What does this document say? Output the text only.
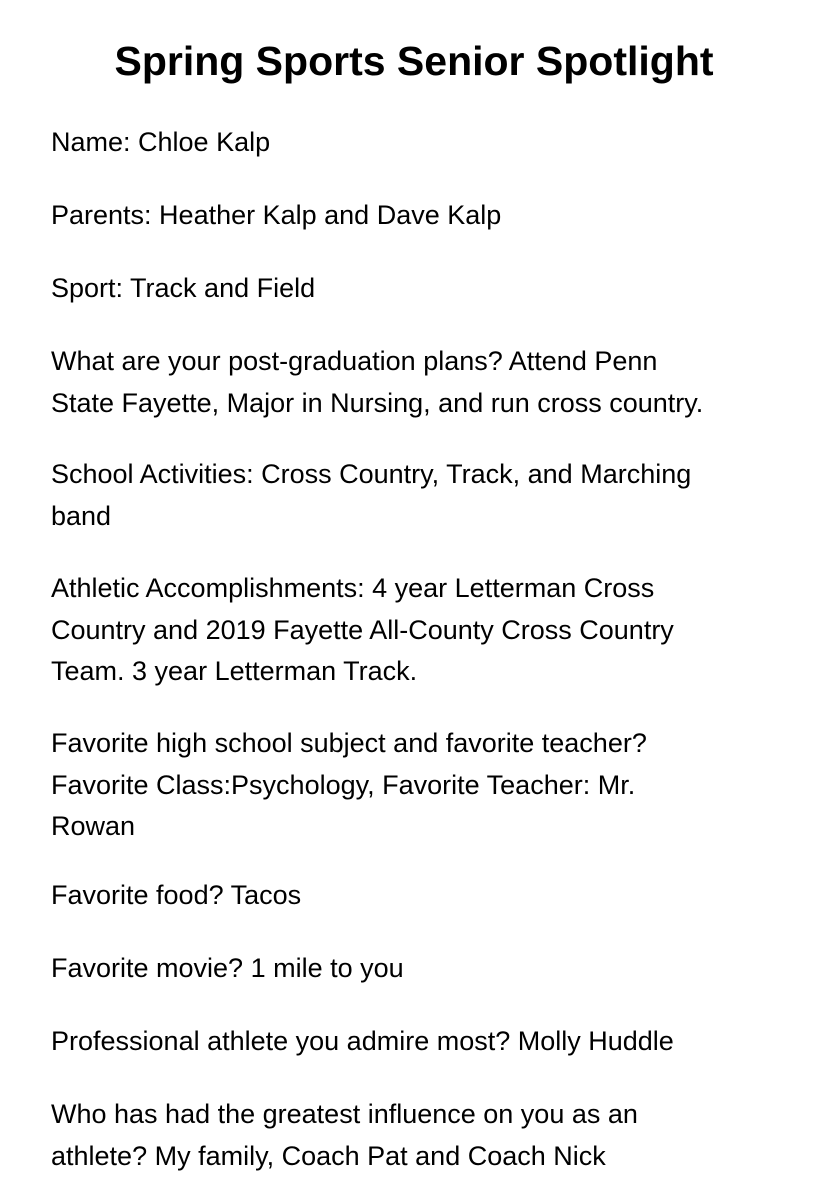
Spring Sports Senior Spotlight
Name: Chloe Kalp
Parents: Heather Kalp and Dave Kalp
Sport: Track and Field
What are your post-graduation plans? Attend Penn
State Fayette, Major in Nursing, and run cross country.
School Activities: Cross Country, Track, and Marching
band
Athletic Accomplishments: 4 year Letterman Cross
Country and 2019 Fayette All-County Cross Country
Team. 3 year Letterman Track.
Favorite high school subject and favorite teacher?
Favorite Class:Psychology, Favorite Teacher: Mr.
Rowan
Favorite food? Tacos
Favorite movie? 1 mile to you
Professional athlete you admire most? Molly Huddle
Who has had the greatest influence on you as an
athlete? My family, Coach Pat and Coach Nick
